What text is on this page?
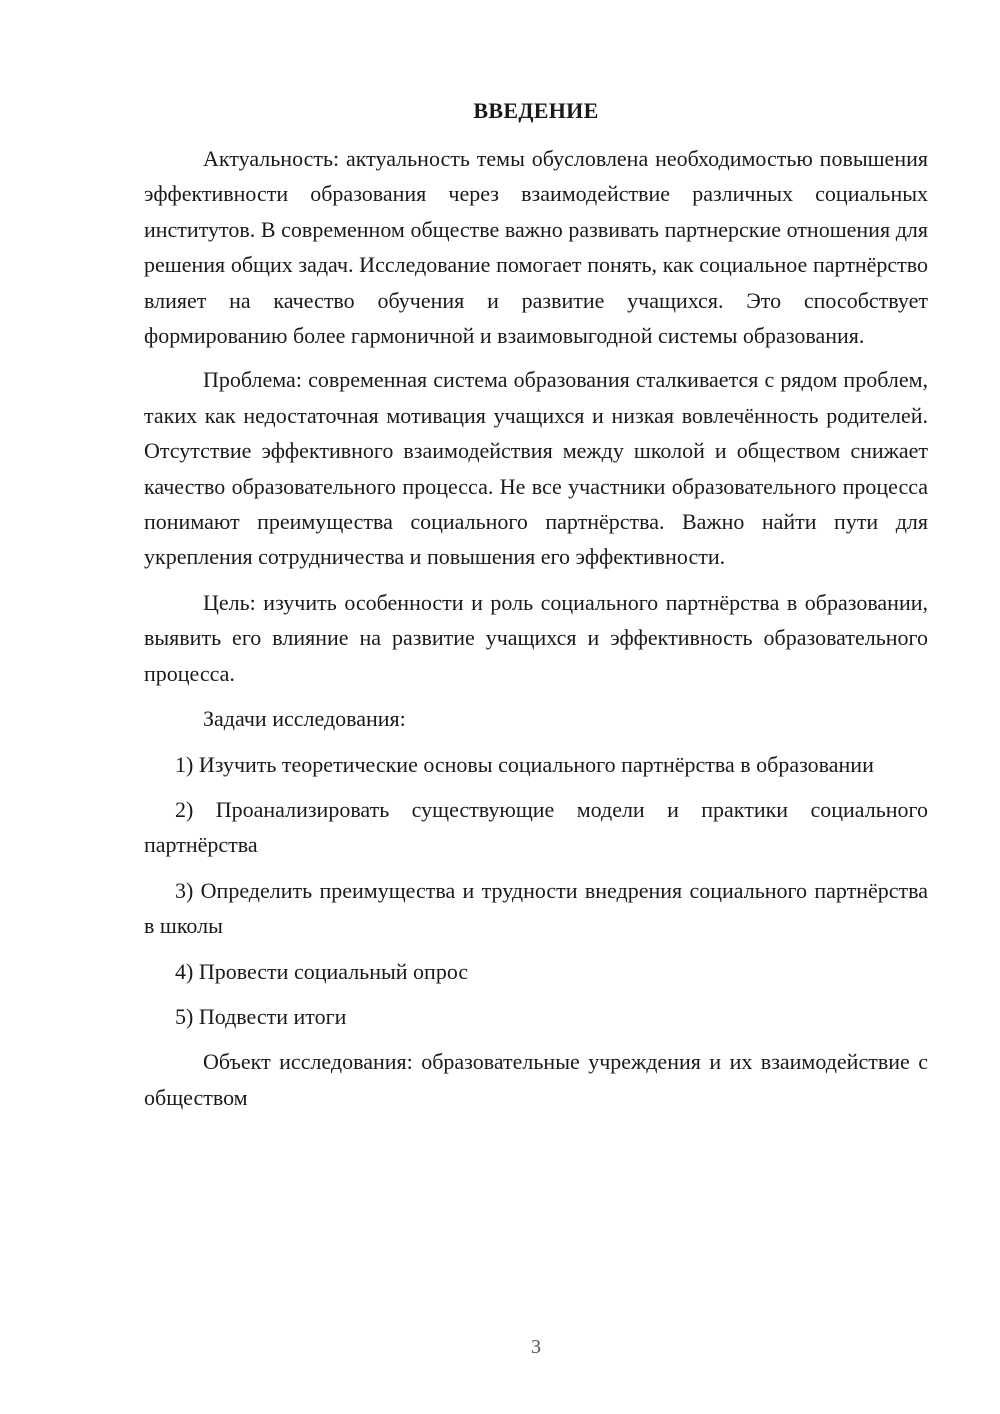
ВВЕДЕНИЕ

Актуальность: актуальность темы обусловлена необходимостью повышения эффективности образования через взаимодействие различных социальных институтов. В современном обществе важно развивать партнерские отношения для решения общих задач. Исследование помогает понять, как социальное партнёрство влияет на качество обучения и развитие учащихся. Это способствует формированию более гармоничной и взаимовыгодной системы образования.

Проблема: современная система образования сталкивается с рядом проблем, таких как недостаточная мотивация учащихся и низкая вовлечённость родителей. Отсутствие эффективного взаимодействия между школой и обществом снижает качество образовательного процесса. Не все участники образовательного процесса понимают преимущества социального партнёрства. Важно найти пути для укрепления сотрудничества и повышения его эффективности.

Цель: изучить особенности и роль социального партнёрства в образовании, выявить его влияние на развитие учащихся и эффективность образовательного процесса.

Задачи исследования:

1) Изучить теоретические основы социального партнёрства в образовании

2) Проанализировать существующие модели и практики социального партнёрства

3) Определить преимущества и трудности внедрения социального партнёрства в школы

4) Провести социальный опрос

5) Подвести итоги

Объект исследования: образовательные учреждения и их взаимодействие с обществом

3
